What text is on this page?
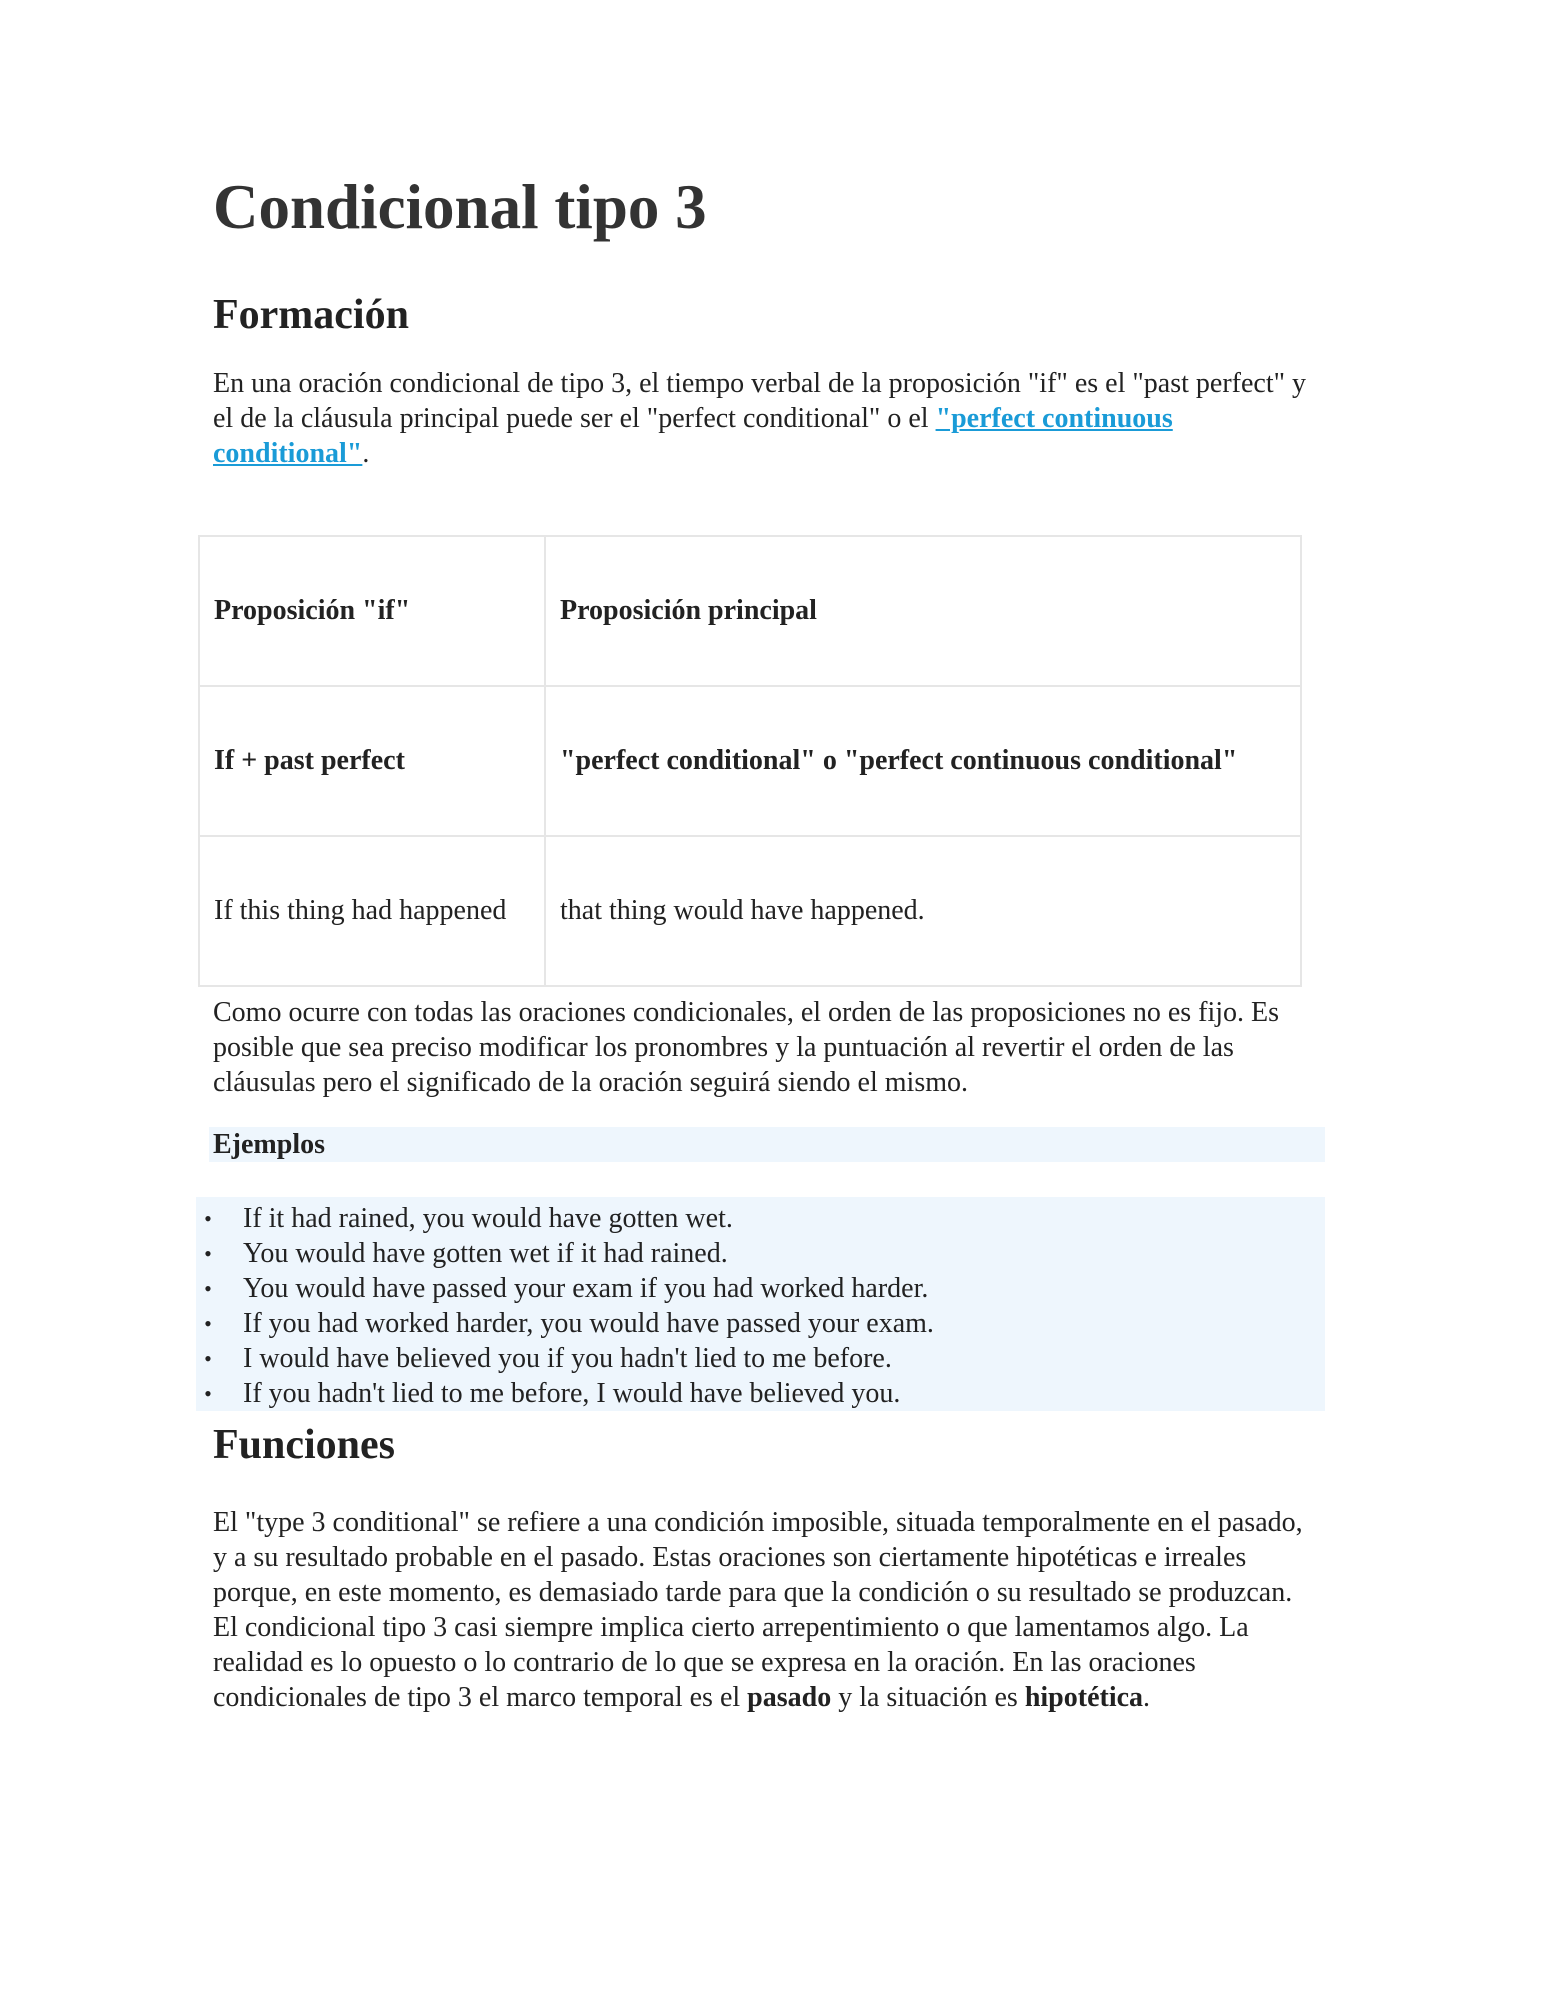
Condicional tipo 3
Formación

En una oración condicional de tipo 3, el tiempo verbal de la proposición "if" es el "past perfect" y el de la cláusula principal puede ser el "perfect conditional" o el "perfect continuous conditional".

Proposición "if"	Proposición principal
If + past perfect	"perfect conditional" o "perfect continuous conditional"
If this thing had happened	that thing would have happened.

Como ocurre con todas las oraciones condicionales, el orden de las proposiciones no es fijo. Es posible que sea preciso modificar los pronombres y la puntuación al revertir el orden de las cláusulas pero el significado de la oración seguirá siendo el mismo.

Ejemplos
• If it had rained, you would have gotten wet.
• You would have gotten wet if it had rained.
• You would have passed your exam if you had worked harder.
• If you had worked harder, you would have passed your exam.
• I would have believed you if you hadn't lied to me before.
• If you hadn't lied to me before, I would have believed you.
Funciones

El "type 3 conditional" se refiere a una condición imposible, situada temporalmente en el pasado, y a su resultado probable en el pasado. Estas oraciones son ciertamente hipotéticas e irreales porque, en este momento, es demasiado tarde para que la condición o su resultado se produzcan. El condicional tipo 3 casi siempre implica cierto arrepentimiento o que lamentamos algo. La realidad es lo opuesto o lo contrario de lo que se expresa en la oración. En las oraciones condicionales de tipo 3 el marco temporal es el pasado y la situación es hipotética.
